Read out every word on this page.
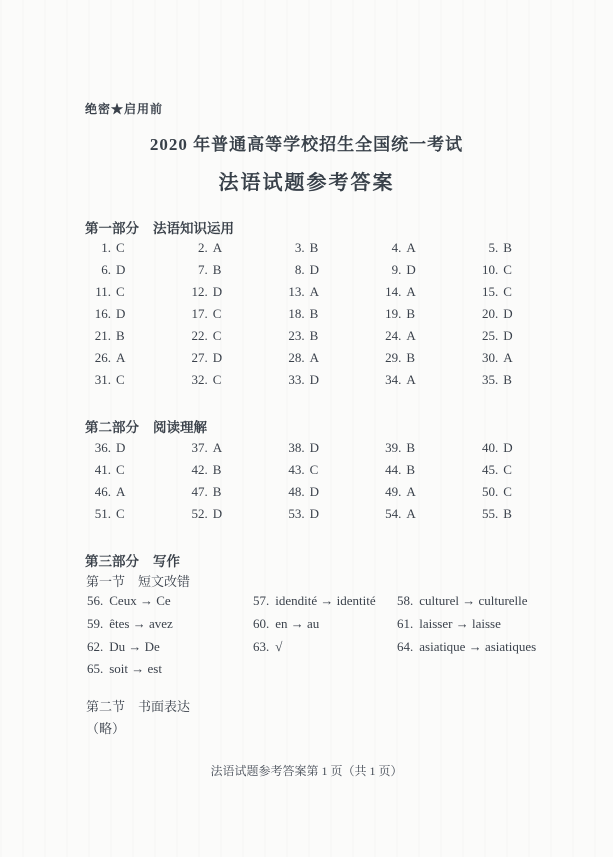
绝密★启用前
2020 年普通高等学校招生全国统一考试
法语试题参考答案
第一部分 法语知识运用
1. C	2. A	3. B	4. A	5. B
6. D	7. B	8. D	9. D	10. C
11. C	12. D	13. A	14. A	15. C
16. D	17. C	18. B	19. B	20. D
21. B	22. C	23. B	24. A	25. D
26. A	27. D	28. A	29. B	30. A
31. C	32. C	33. D	34. A	35. B
第二部分 阅读理解
36. D	37. A	38. D	39. B	40. D
41. C	42. B	43. C	44. B	45. C
46. A	47. B	48. D	49. A	50. C
51. C	52. D	53. D	54. A	55. B
第三部分 写作
第一节 短文改错
56. Ceux → Ce	57. idendité → identité	58. culturel → culturelle
59. êtes → avez	60. en → au	61. laisser → laisse
62. Du → De	63. √	64. asiatique → asiatiques
65. soit → est
第二节 书面表达
（略）
法语试题参考答案第 1 页（共 1 页）
